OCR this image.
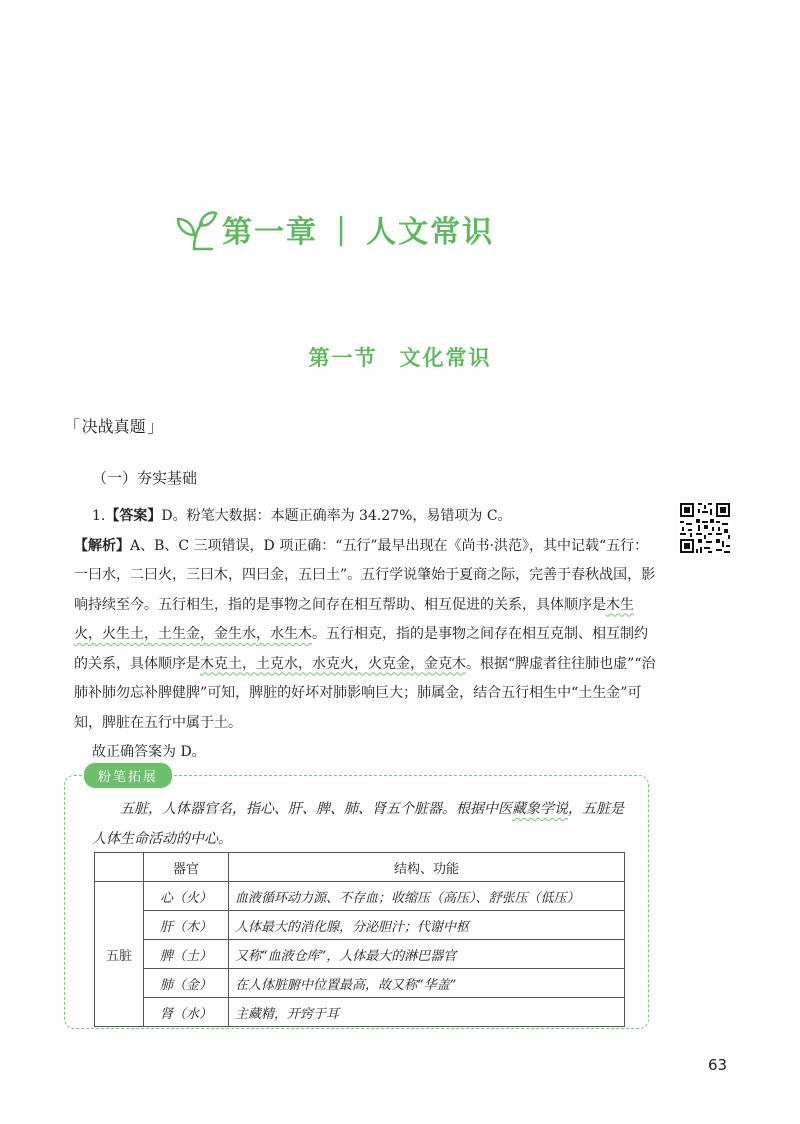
第一章 | 人文常识
第一节 文化常识
「 决战真题 」
（一）夯实基础

1.【答案】D。粉笔大数据：本题正确率为 34.27%，易错项为 C。

【解析】A、B、C 三项错误，D 项正确：“五行”最早出现在《尚书·洪范》，其中记载“五行：一曰水，二曰火，三曰木，四曰金，五曰土”。五行学说肇始于夏商之际，完善于春秋战国，影响持续至今。五行相生，指的是事物之间存在相互帮助、相互促进的关系，具体顺序是木生火，火生土，土生金，金生水，水生木。五行相克，指的是事物之间存在相互克制、相互制约的关系，具体顺序是木克土，土克水，水克火，火克金，金克木。根据“脾虚者往往肺也虚”“治肺补肺勿忘补脾健脾”可知，脾脏的好坏对肺影响巨大；肺属金，结合五行相生中“土生金”可知，脾脏在五行中属于土。

故正确答案为 D。

粉笔拓展
五脏，人体器官名，指心、肝、脾、肺、肾五个脏器。根据中医藏象学说，五脏是人体生命活动的中心。
	器官	结构、功能
五脏	心（火）	血液循环动力源、不存血；收缩压（高压）、舒张压（低压）
	肝（木）	人体最大的消化腺，分泌胆汁；代谢中枢
	脾（土）	又称“血液仓库”，人体最大的淋巴器官
	肺（金）	在人体脏腑中位置最高，故又称“华盖”
	肾（水）	主藏精，开窍于耳
63
